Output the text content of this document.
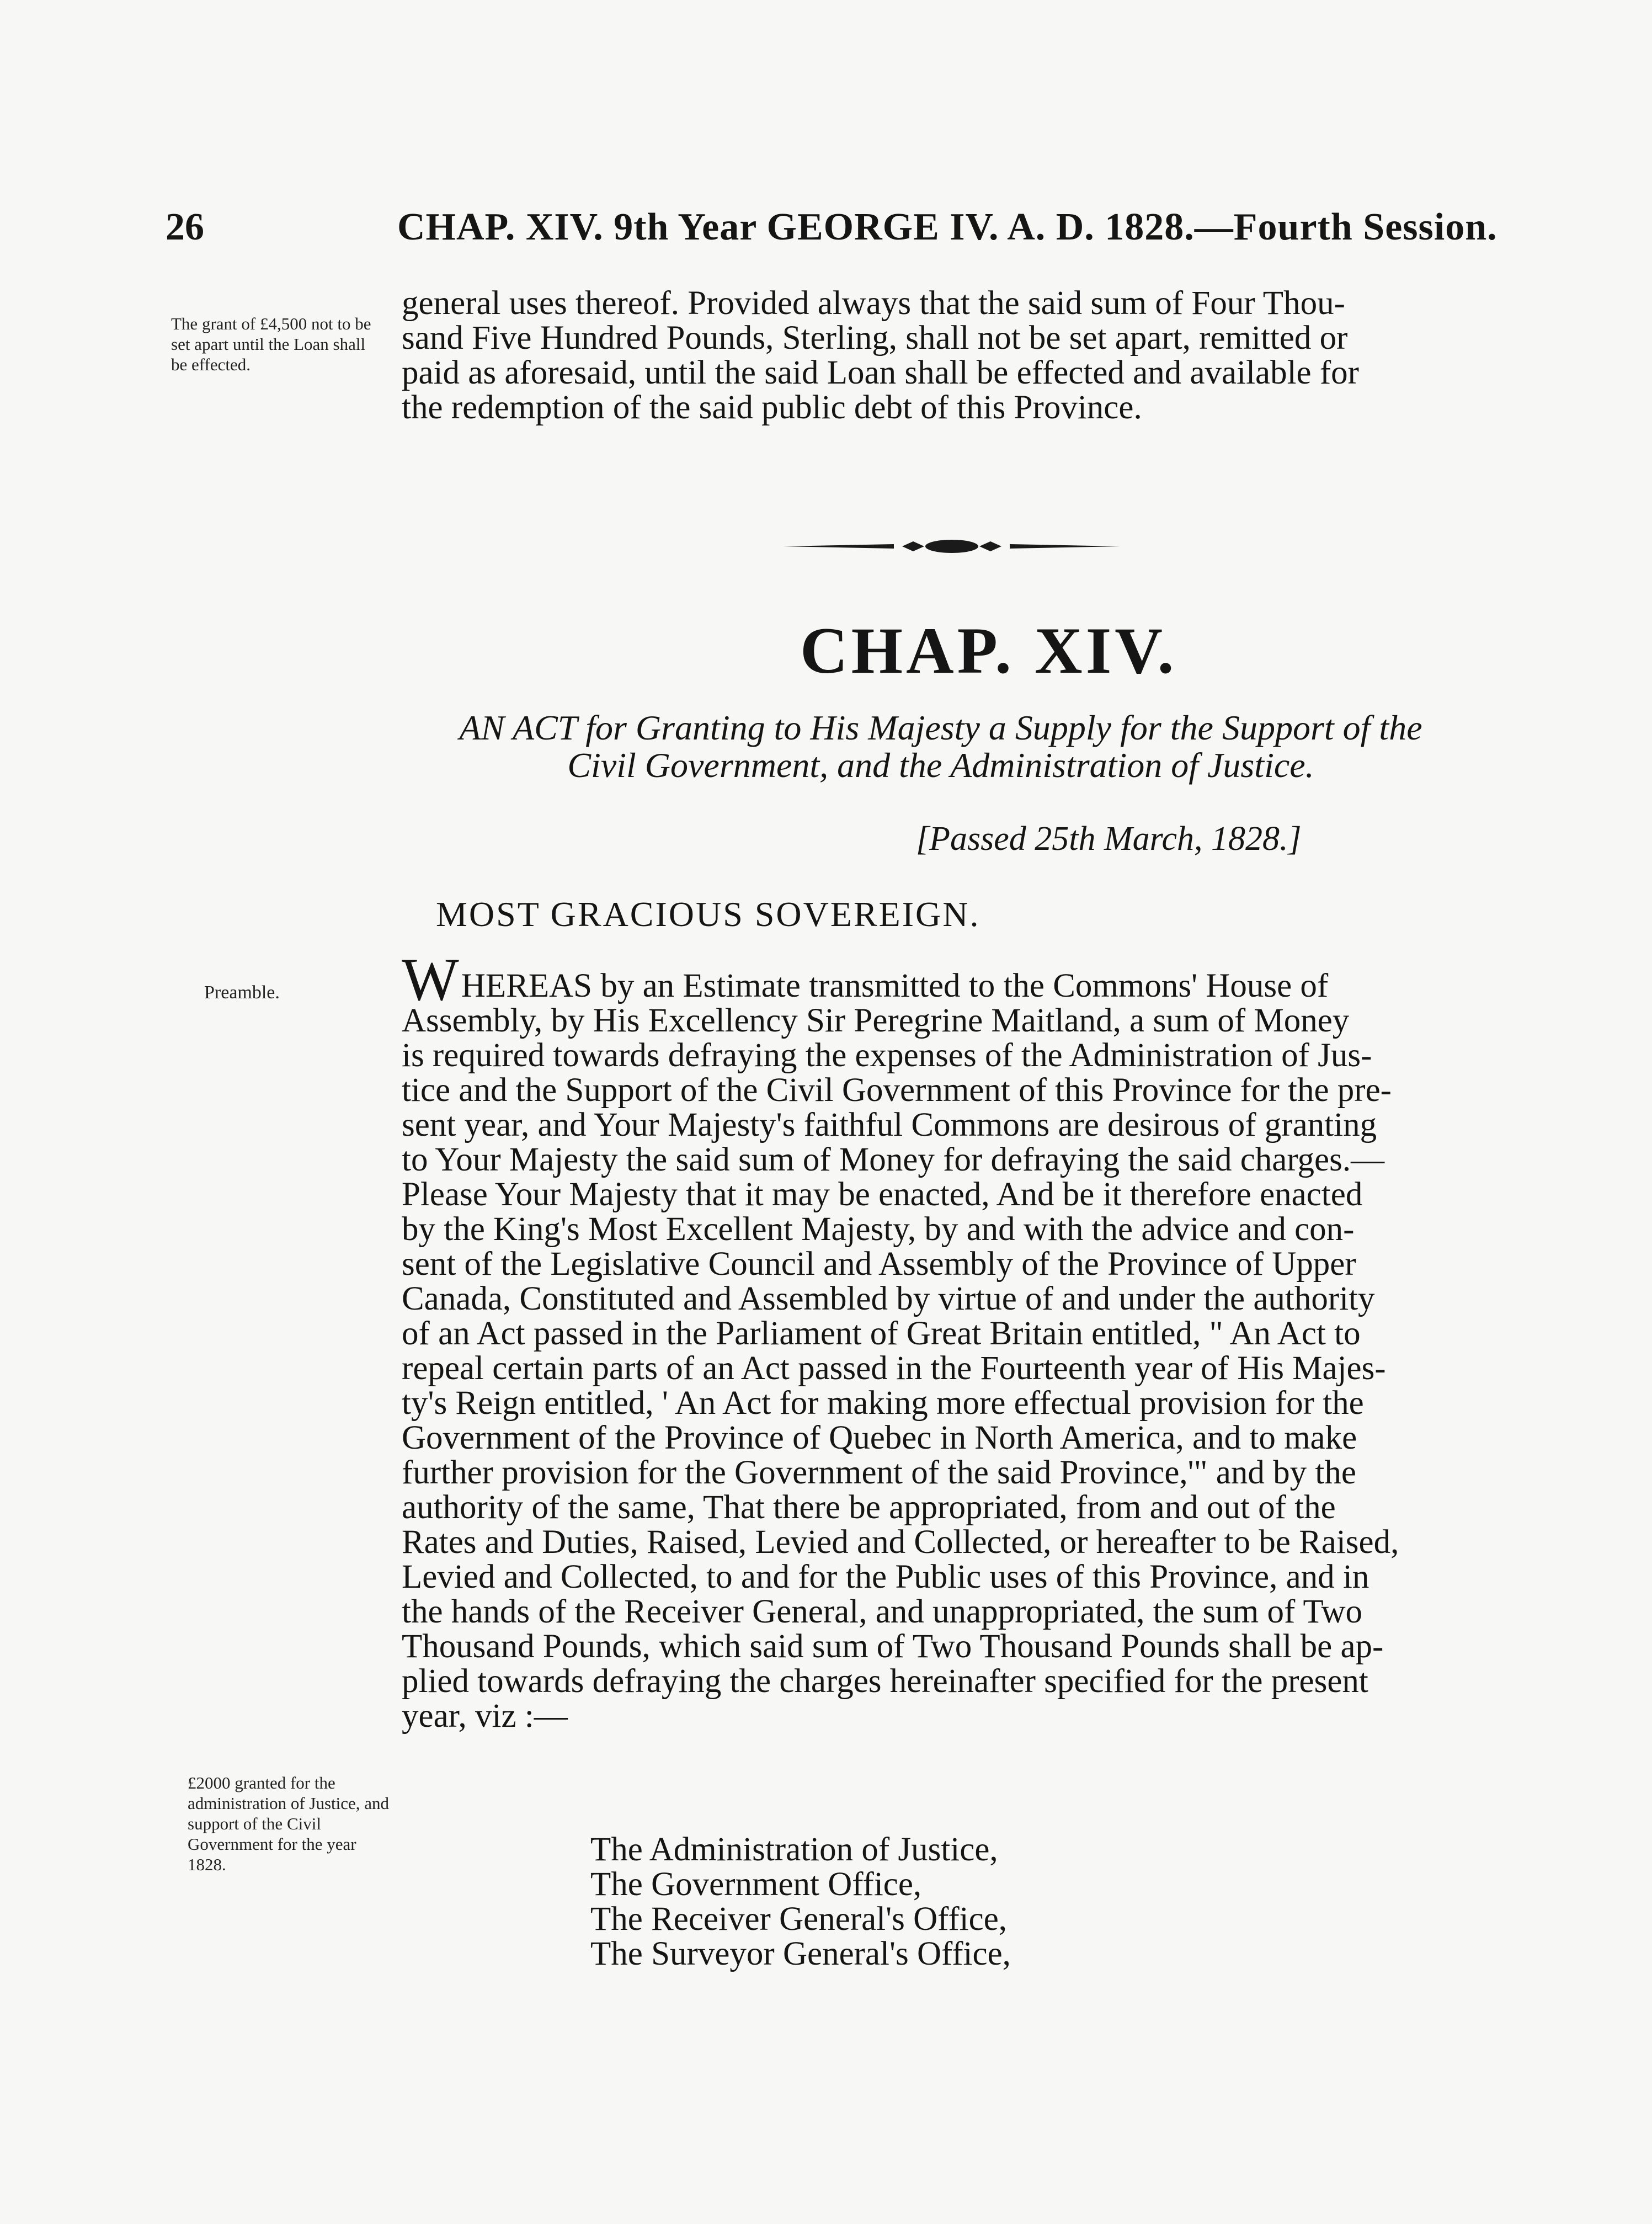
26	CHAP. XIV. 9th Year GEORGE IV. A. D. 1828.—Fourth Session.
The grant of £4,500 not to be set apart until the Loan shall be effected.
general uses thereof. Provided always that the said sum of Four Thou-
sand Five Hundred Pounds, Sterling, shall not be set apart, remitted or
paid as aforesaid, until the said Loan shall be effected and available for
the redemption of the said public debt of this Province.
CHAP. XIV.
AN ACT for Granting to His Majesty a Supply for the Support of the
Civil Government, and the Administration of Justice.
[Passed 25th March, 1828.]
MOST GRACIOUS SOVEREIGN.
Preamble. WHEREAS by an Estimate transmitted to the Commons' House of
Assembly, by His Excellency Sir Peregrine Maitland, a sum of Money
is required towards defraying the expenses of the Administration of Jus-
tice and the Support of the Civil Government of this Province for the pre-
sent year, and Your Majesty's faithful Commons are desirous of granting
to Your Majesty the said sum of Money for defraying the said charges.—
Please Your Majesty that it may be enacted, And be it therefore enacted
by the King's Most Excellent Majesty, by and with the advice and con-
sent of the Legislative Council and Assembly of the Province of Upper
Canada, Constituted and Assembled by virtue of and under the authority
of an Act passed in the Parliament of Great Britain entitled, " An Act to
repeal certain parts of an Act passed in the Fourteenth year of His Majes-
ty's Reign entitled, ' An Act for making more effectual provision for the
Government of the Province of Quebec in North America, and to make
further provision for the Government of the said Province,'" and by the
authority of the same, That there be appropriated, from and out of the
Rates and Duties, Raised, Levied and Collected, or hereafter to be Raised,
Levied and Collected, to and for the Public uses of this Province, and in
the hands of the Receiver General, and unappropriated, the sum of Two
Thousand Pounds, which said sum of Two Thousand Pounds shall be ap-
plied towards defraying the charges hereinafter specified for the present
year, viz :—
£2000 granted for the administration of Justice, and support of the Civil Government for the year 1828.	The Administration of Justice,
The Government Office,
The Receiver General's Office,
The Surveyor General's Office,
